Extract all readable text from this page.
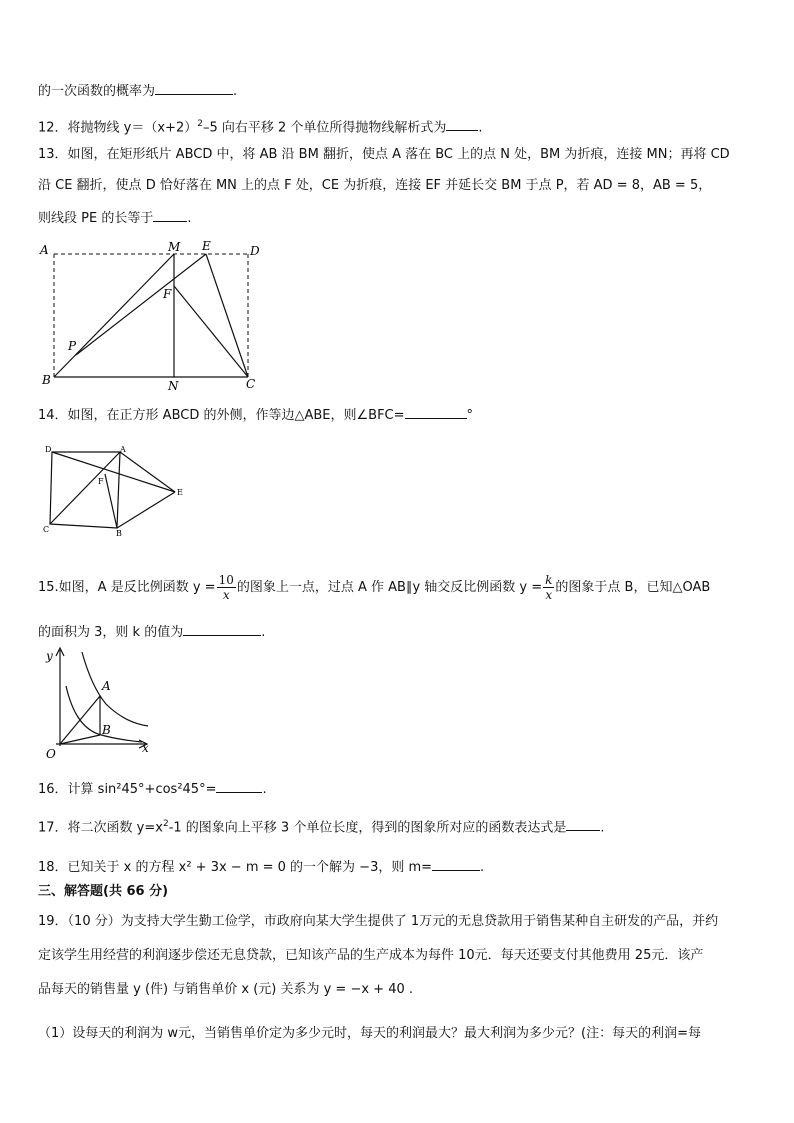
的一次函数的概率为	.
12．将抛物线 $y=(x+2)^2-5$ 向右平移 2 个单位所得抛物线解析式为 .
13．如图，在矩形纸片 ABCD 中，将 AB 沿 BM 翻折，使点 A 落在 BC 上的点 N 处，BM 为折痕，连接 MN；再将 CD
沿 CE 翻折，使点 D 恰好落在 MN 上的点 F 处，CE 为折痕，连接 EF 并延长交 BM 于点 P，若 AD = 8，AB = 5，
则线段 PE 的长等于	.
A	M E	D
F
P
B	N	C
14．如图，在正方形 ABCD 的外侧，作等边△ABE，则∠BFC=	°
D	A
F
E
C	B
15.如图，A 是反比例函数 $y = \frac{10}{x}$ 的图象上一点，过点 A 作 AB∥y 轴交反比例函数 $y = \frac{k}{x}$ 的图象于点 B，已知△OAB
的面积为 3，则 k 的值为	.
y
x
O
A
B
16．计算 sin²45°+cos²45°=	.
17．将二次函数 $y=x^2-1$ 的图象向上平移 3 个单位长度，得到的图象所对应的函数表达式是	.
18．已知关于 x 的方程 x² + 3x − m = 0 的一个解为 −3，则 m=	.
三、解答题(共 66 分)
19．（10 分）为支持大学生勤工俭学，市政府向某大学生提供了 1万元的无息贷款用于销售某种自主研发的产品，并约
定该学生用经营的利润逐步偿还无息贷款，已知该产品的生产成本为每件 10元．每天还要支付其他费用 25元．该产
品每天的销售量 y (件) 与销售单价 x (元) 关系为 y = −x + 40 .
（1）设每天的利润为 w元，当销售单价定为多少元时，每天的利润最大？最大利润为多少元？(注：每天的利润=每
